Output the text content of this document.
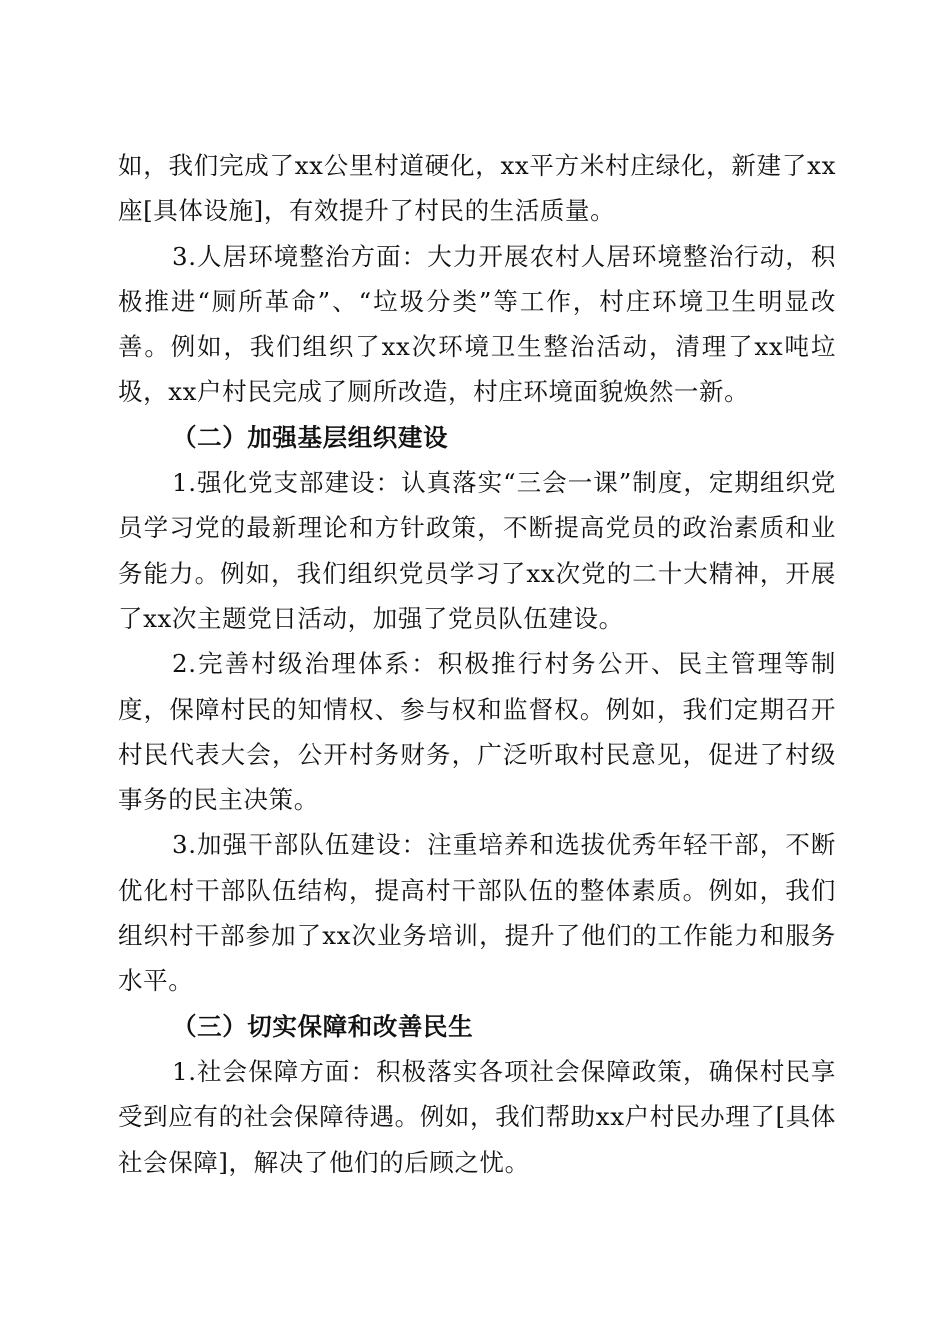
如，我们完成了xx公里村道硬化，xx平方米村庄绿化，新建了xx座[具体设施]，有效提升了村民的生活质量。

3.人居环境整治方面：大力开展农村人居环境整治行动，积极推进“厕所革命”、“垃圾分类”等工作，村庄环境卫生明显改善。例如，我们组织了xx次环境卫生整治活动，清理了xx吨垃圾，xx户村民完成了厕所改造，村庄环境面貌焕然一新。

（二）加强基层组织建设

1.强化党支部建设：认真落实“三会一课”制度，定期组织党员学习党的最新理论和方针政策，不断提高党员的政治素质和业务能力。例如，我们组织党员学习了xx次党的二十大精神，开展了xx次主题党日活动，加强了党员队伍建设。

2.完善村级治理体系：积极推行村务公开、民主管理等制度，保障村民的知情权、参与权和监督权。例如，我们定期召开村民代表大会，公开村务财务，广泛听取村民意见，促进了村级事务的民主决策。

3.加强干部队伍建设：注重培养和选拔优秀年轻干部，不断优化村干部队伍结构，提高村干部队伍的整体素质。例如，我们组织村干部参加了xx次业务培训，提升了他们的工作能力和服务水平。

（三）切实保障和改善民生

1.社会保障方面：积极落实各项社会保障政策，确保村民享受到应有的社会保障待遇。例如，我们帮助xx户村民办理了[具体社会保障]，解决了他们的后顾之忧。
